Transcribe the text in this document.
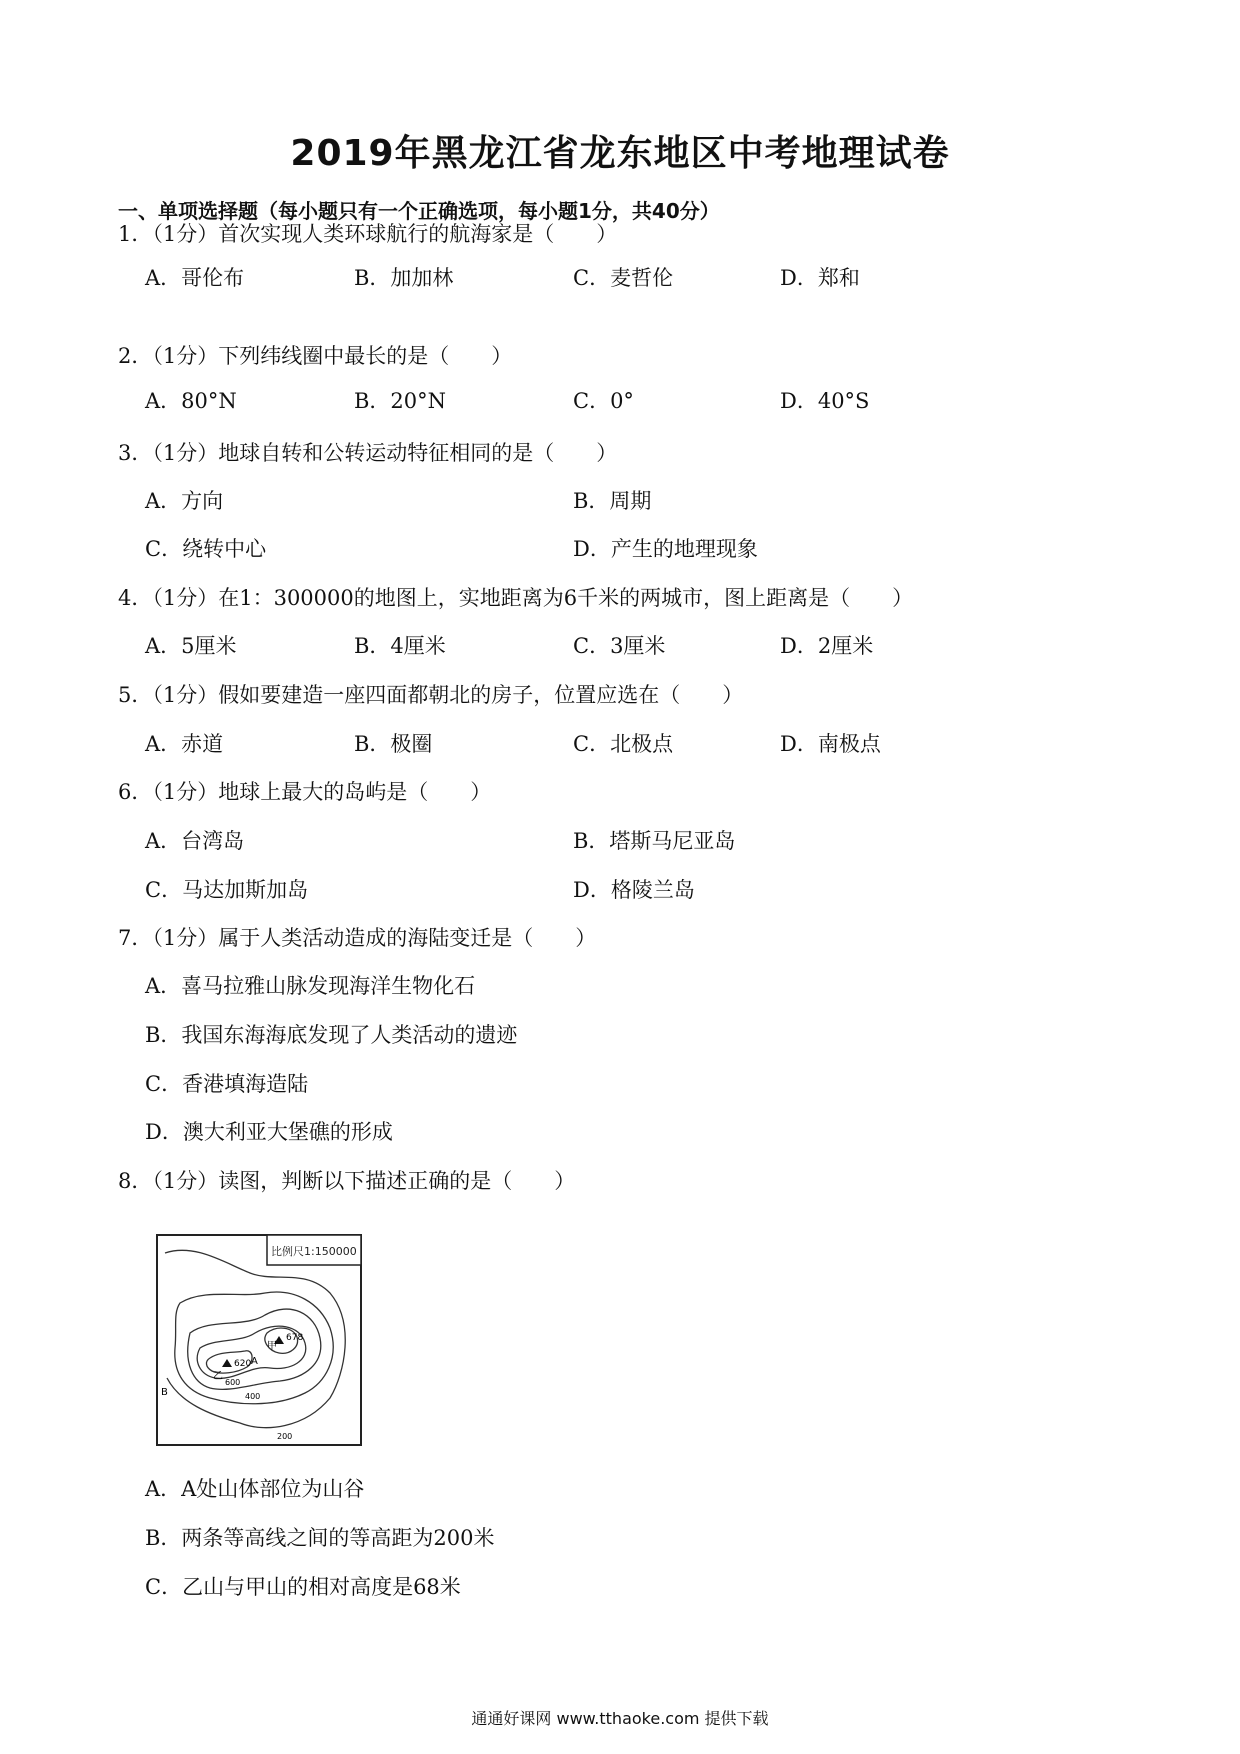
2019年黑龙江省龙东地区中考地理试卷
一、单项选择题（每小题只有一个正确选项，每小题1分，共40分）
1．（1分）首次实现人类环球航行的航海家是（　　）
A．哥伦布	B．加加林	C．麦哲伦	D．郑和
2．（1分）下列纬线圈中最长的是（　　）
A．80°N	B．20°N	C．0°	D．40°S
3．（1分）地球自转和公转运动特征相同的是（　　）
A．方向	B．周期
C．绕转中心	D．产生的地理现象
4．（1分）在1：300000的地图上，实地距离为6千米的两城市，图上距离是（　　）
A．5厘米	B．4厘米	C．3厘米	D．2厘米
5．（1分）假如要建造一座四面都朝北的房子，位置应选在（　　）
A．赤道	B．极圈	C．北极点	D．南极点
6．（1分）地球上最大的岛屿是（　　）
A．台湾岛	B．塔斯马尼亚岛
C．马达加斯加岛	D．格陵兰岛
7．（1分）属于人类活动造成的海陆变迁是（　　）
A．喜马拉雅山脉发现海洋生物化石
B．我国东海海底发现了人类活动的遗迹
C．香港填海造陆
D．澳大利亚大堡礁的形成
8．（1分）读图，判断以下描述正确的是（　　）
比例尺1:150000
620
678
乙
甲
A
B
600
400
200
A．A处山体部位为山谷
B．两条等高线之间的等高距为200米
C．乙山与甲山的相对高度是68米
通通好课网 www.tthaoke.com 提供下载
